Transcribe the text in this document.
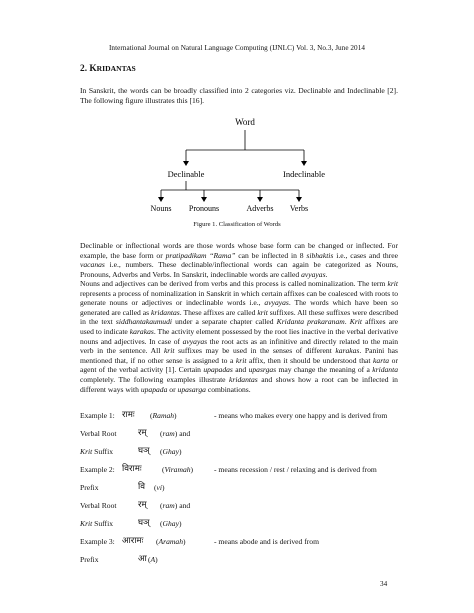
International Journal on Natural Language Computing (IJNLC) Vol. 3, No.3, June 2014
2. KRIDANTAS

In Sanskrit, the words can be broadly classified into 2 categories viz. Declinable and Indeclinable [2]. The following figure illustrates this [16].

Word
Declinable	Indeclinable
Nouns Pronouns	Adverbs Verbs
Figure 1. Classification of Words

Declinable or inflectional words are those words whose base form can be changed or inflected. For example, the base form or pratipadikam “Rama” can be inflected in 8 sibhaktis i.e., cases and three vacanas i.e., numbers. These declinable/inflectional words can again be categorized as Nouns, Pronouns, Adverbs and Verbs. In Sanskrit, indeclinable words are called avyayas.

Nouns and adjectives can be derived from verbs and this process is called nominalization. The term krit represents a process of nominalization in Sanskrit in which certain affixes can be coalesced with roots to generate nouns or adjectives or indeclinable words i.e., avyayas. The words which have been so generated are called as kridantas. These affixes are called krit suffixes. All these suffixes were described in the text siddhantakaumudi under a separate chapter called Kridanta prakaranam. Krit affixes are used to indicate karakas. The activity element possessed by the root lies inactive in the verbal derivative nouns and adjectives. In case of avyayas the root acts as an infinitive and directly related to the main verb in the sentence. All krit suffixes may be used in the senses of different karakas. Panini has mentioned that, if no other sense is assigned to a krit affix, then it should be understood that karta or agent of the verbal activity [1]. Certain upapadas and upasrgas may change the meaning of a kridanta completely. The following examples illustrate kridantas and shows how a root can be inflected in different ways with upapada or upasarga combinations.

Example 1: रामः (Ramah)	- means who makes every one happy and is derived from
Verbal Root	रम् (ram) and
Krit Suffix	घञ् (Ghay)
Example 2: विरामः	(Viramah)	- means recession / rest / relaxing and is derived from
Prefix	वि (vi)
Verbal Root	रम् (ram) and
Krit Suffix	घञ् (Ghay)
Example 3: आरामः (Aramah)	- means abode and is derived from
Prefix	आ (A)
34
